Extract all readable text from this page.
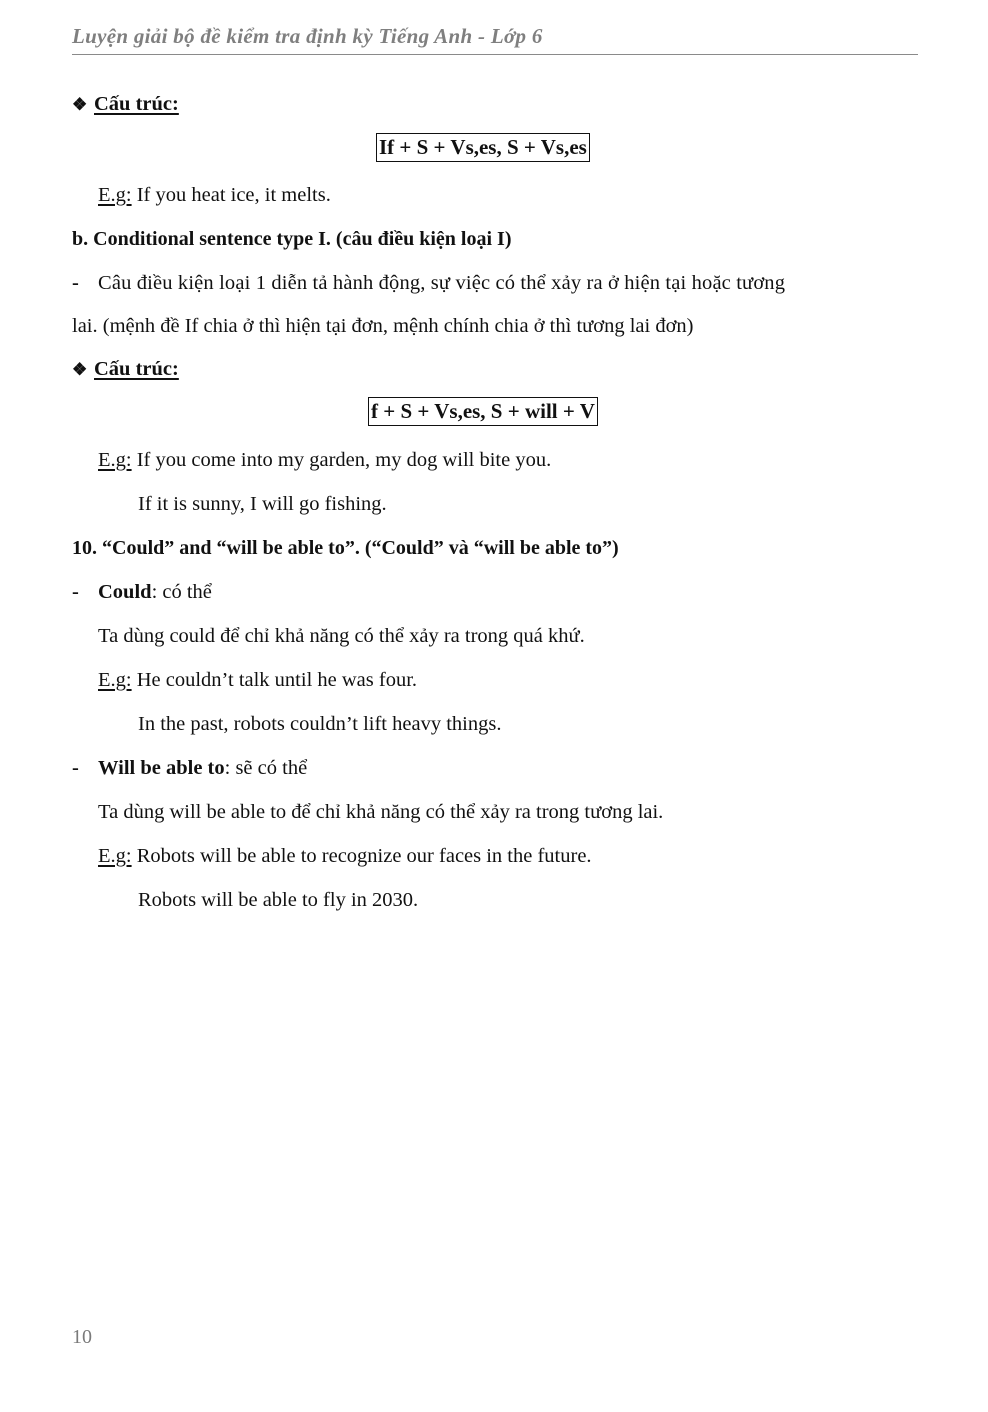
Luyện giải bộ đề kiểm tra định kỳ Tiếng Anh - Lớp 6
❖ Cấu trúc:
If + S + Vs,es, S + Vs,es
E.g: If you heat ice, it melts.
b. Conditional sentence type I. (câu điều kiện loại I)
- Câu điều kiện loại 1 diễn tả hành động, sự việc có thể xảy ra ở hiện tại hoặc tương
lai. (mệnh đề If chia ở thì hiện tại đơn, mệnh chính chia ở thì tương lai đơn)
❖ Cấu trúc:
f + S + Vs,es, S + will + V
E.g: If you come into my garden, my dog will bite you.
If it is sunny, I will go fishing.
10. “Could” and “will be able to”. (“Could” và “will be able to”)
- Could: có thể
Ta dùng could để chỉ khả năng có thể xảy ra trong quá khứ.
E.g: He couldn’t talk until he was four.
In the past, robots couldn’t lift heavy things.
- Will be able to: sẽ có thể
Ta dùng will be able to để chỉ khả năng có thể xảy ra trong tương lai.
E.g: Robots will be able to recognize our faces in the future.
Robots will be able to fly in 2030.
10
